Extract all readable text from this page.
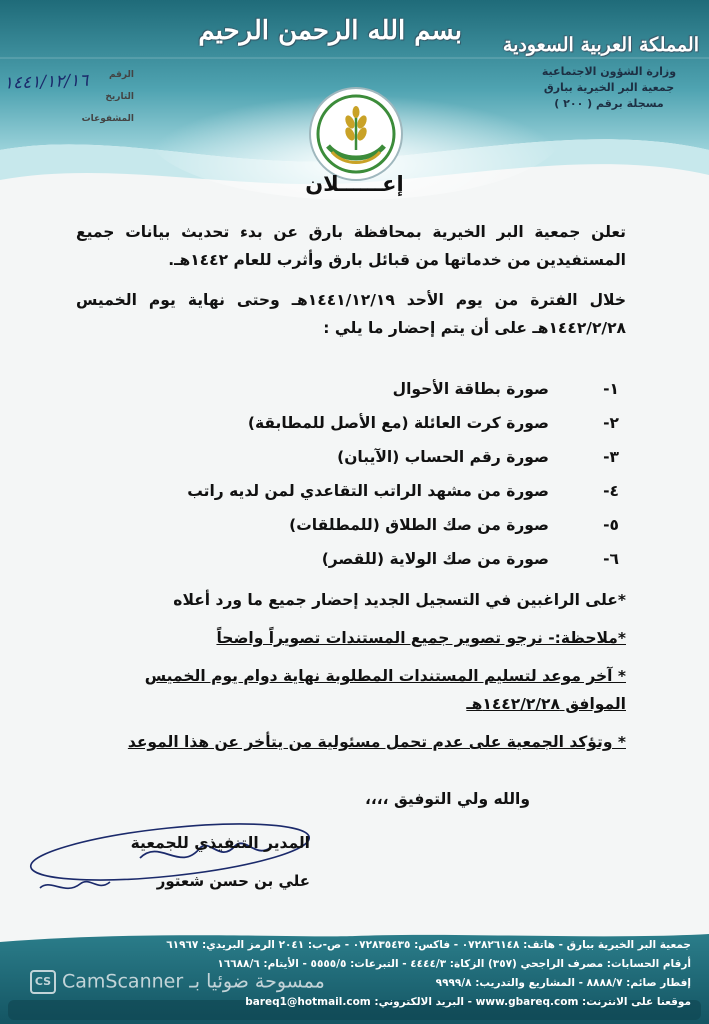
بسم الله الرحمن الرحيم المملكة العربية السعودية
وزارة الشؤون الاجتماعية
جمعية البر الخيرية ببارق
مسجلة برقم ( ٢٠٠ )
الرقم
التاريخ
المشفوعات
١٤٤١/١٢/١٦
إعــــــلان

تعلن جمعية البر الخيرية بمحافظة بارق عن بدء تحديث بيانات جميع المستفيدين من خدماتها من قبائل بارق وأثرب للعام ١٤٤٢هـ.

خلال الفترة من يوم الأحد ١٤٤١/١٢/١٩هـ وحتى نهاية يوم الخميس ١٤٤٢/٢/٢٨هـ على أن يتم إحضار ما يلي :

١-
صورة بطاقة الأحوال
٢-
صورة كرت العائلة (مع الأصل للمطابقة)
٣-
صورة رقم الحساب (الآيبان)
٤-
صورة من مشهد الراتب التقاعدي لمن لديه راتب
٥-
صورة من صك الطلاق (للمطلقات)
٦-
صورة من صك الولاية (للقصر)

*على الراغبين في التسجيل الجديد إحضار جميع ما ورد أعلاه

*ملاحظة:- نرجو تصوير جميع المستندات تصويراً واضحاً

* آخر موعد لتسليم المستندات المطلوبة نهاية دوام يوم الخميس

الموافق ١٤٤٢/٢/٢٨هـ

* وتؤكد الجمعية على عدم تحمل مسئولية من يتأخر عن هذا الموعد

والله ولي التوفيق ،،،،
المدير التنفيذي للجمعية
علي بن حسن شعتور
جمعية البر الخيرية ببارق - هاتف: ٠٧٢٨٢٦١٤٨ - فاكس: ٠٧٢٨٣٥٤٣٥ - ص-ب: ٢٠٤١ الرمز البريدي: ٦١٩٦٧
أرقام الحسابات: مصرف الراجحي (٣٥٧) الزكاة: ٤٤٤٤/٣ - التبرعات: ٥٥٥٥/٥ - الأيتام: ١٦٦٨٨/٦
إفطار صائم: ٨٨٨٨/٧ - المشاريع والتدريب: ٩٩٩٩/٨
موقعنا على الانترنت: www.gbareq.com - البريد الالكتروني: bareq1@hotmail.com
CS CamScanner ممسوحة ضوئيا بـ
